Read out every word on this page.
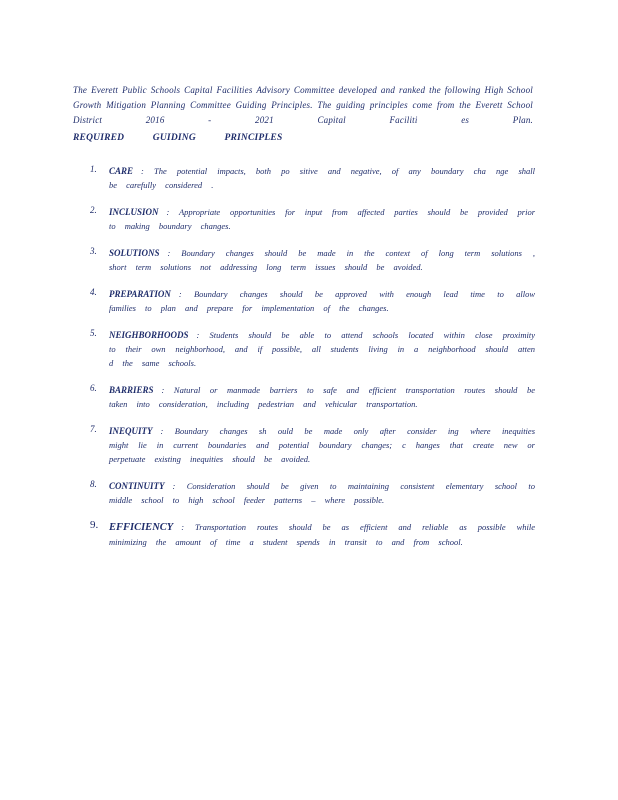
The Everett Public Schools Capital Facilities Advisory Committee developed and ranked the following High School Growth Mitigation Planning Committee Guiding Principles. The guiding principles come from the Everett School District 2016 - 2021 Capital Faciliti es Plan.

REQUIRED GUIDING PRINCIPLES
1. CARE : The potential impacts, both po sitive and negative, of any boundary cha nge shall be carefully considered .
2. INCLUSION : Appropriate opportunities for input from affected parties should be provided prior to making boundary changes.
3. SOLUTIONS : Boundary changes should be made in the context of long term solutions , short term solutions not addressing long term issues should be avoided.
4. PREPARATION : Boundary changes should be approved with enough lead time to allow families to plan and prepare for implementation of the changes.
5. NEIGHBORHOODS : Students should be able to attend schools located within close proximity to their own neighborhood, and if possible, all students living in a neighborhood should atten d the same schools.
6. BARRIERS : Natural or manmade barriers to safe and efficient transportation routes should be taken into consideration, including pedestrian and vehicular transportation.
7. INEQUITY : Boundary changes sh ould be made only after consider ing where inequities might lie in current boundaries and potential boundary changes; c hanges that create new or perpetuate existing inequities should be avoided.
8. CONTINUITY : Consideration should be given to maintaining consistent elementary school to middle school to high school feeder patterns – where possible.
9. EFFICIENCY : Transportation routes should be as efficient and reliable as possible while minimizing the amount of time a student spends in transit to and from school.
